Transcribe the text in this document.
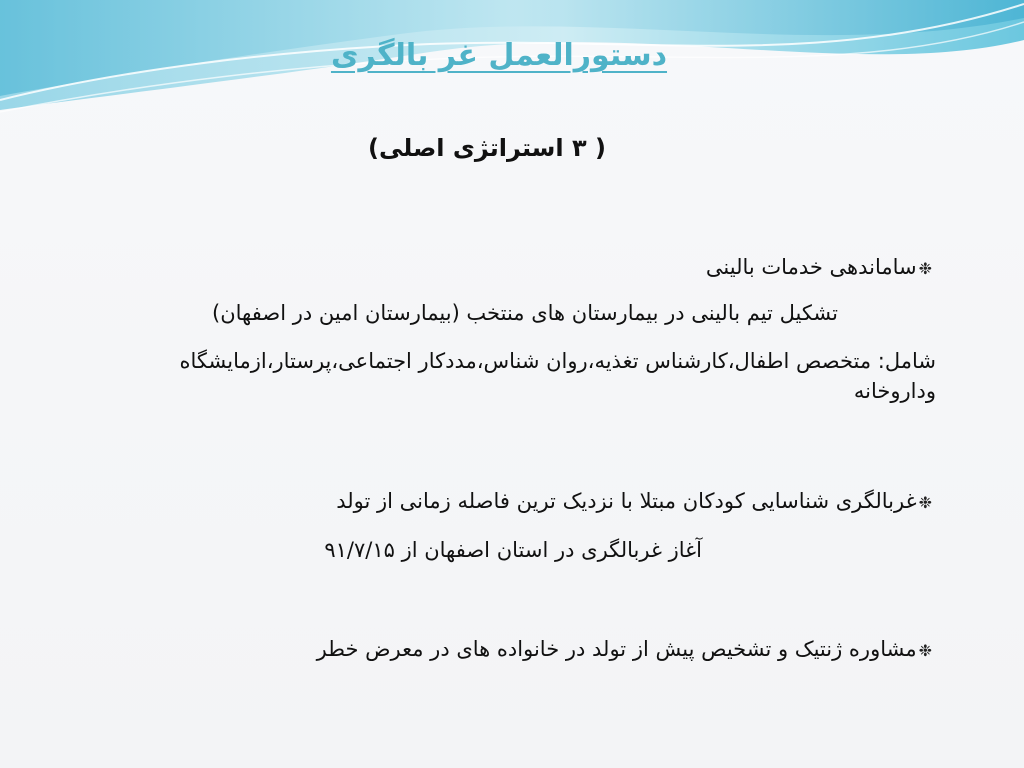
دستورالعمل غر بالگری
( ۳ استراتژی اصلی)
❉ساماندهی خدمات بالینی
تشکیل تیم بالینی در بیمارستان های منتخب (بیمارستان امین در اصفهان)
شامل: متخصص اطفال،کارشناس تغذیه،روان شناس،مددکار اجتماعی،پرستار،ازمایشگاه وداروخانه
❉غربالگری شناسایی کودکان مبتلا با نزدیک ترین فاصله زمانی از تولد
آغاز غربالگری در استان اصفهان از ۹۱/۷/۱۵
❉مشاوره ژنتیک و تشخیص پیش از تولد در خانواده های در معرض خطر
